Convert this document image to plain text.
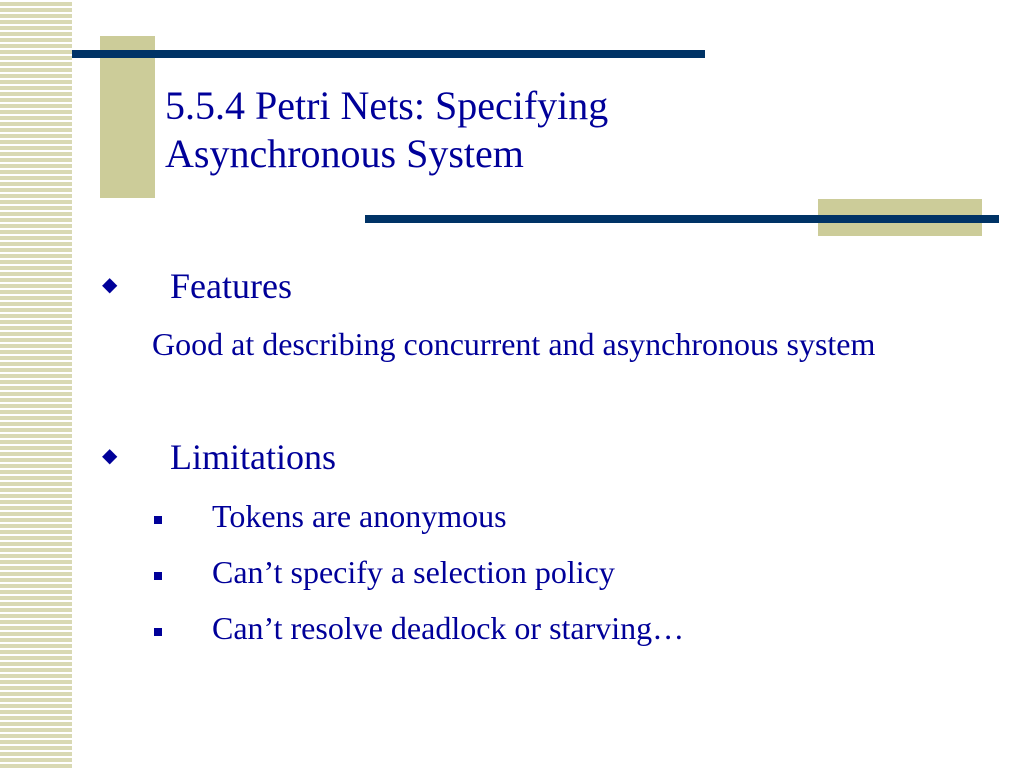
5.5.4 Petri Nets: Specifying
Asynchronous System
◆ Features
Good at describing concurrent and asynchronous system
◆ Limitations
Tokens are anonymous
Can’t specify a selection policy
Can’t resolve deadlock or starving…
